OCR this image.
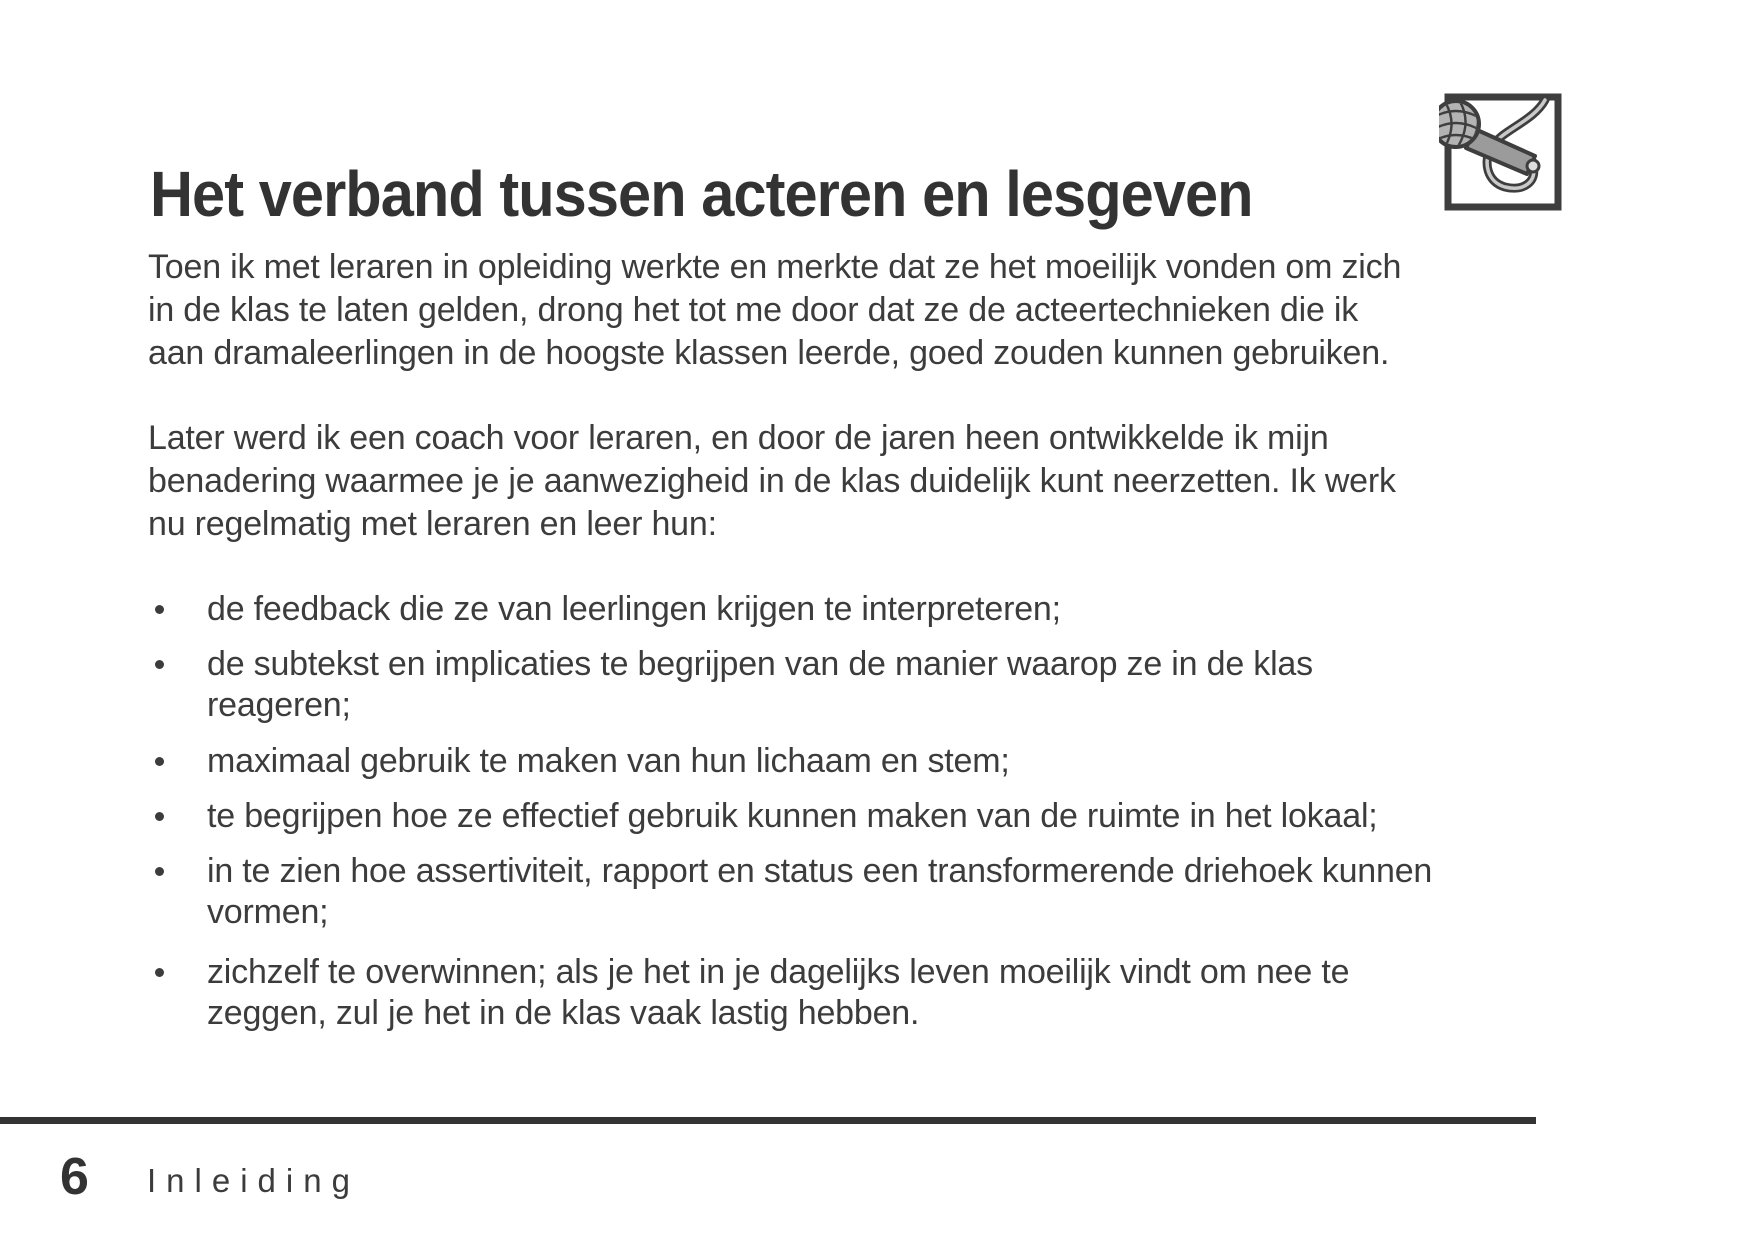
Het verband tussen acteren en lesgeven
Toen ik met leraren in opleiding werkte en merkte dat ze het moeilijk vonden om zich
in de klas te laten gelden, drong het tot me door dat ze de acteertechnieken die ik
aan dramaleerlingen in de hoogste klassen leerde, goed zouden kunnen gebruiken.
Later werd ik een coach voor leraren, en door de jaren heen ontwikkelde ik mijn
benadering waarmee je je aanwezigheid in de klas duidelijk kunt neerzetten. Ik werk
nu regelmatig met leraren en leer hun:
de feedback die ze van leerlingen krijgen te interpreteren;
de subtekst en implicaties te begrijpen van de manier waarop ze in de klas
reageren;
maximaal gebruik te maken van hun lichaam en stem;
te begrijpen hoe ze effectief gebruik kunnen maken van de ruimte in het lokaal;
in te zien hoe assertiviteit, rapport en status een transformerende driehoek kunnen
vormen;
zichzelf te overwinnen; als je het in je dagelijks leven moeilijk vindt om nee te
zeggen, zul je het in de klas vaak lastig hebben.
6 Inleiding
